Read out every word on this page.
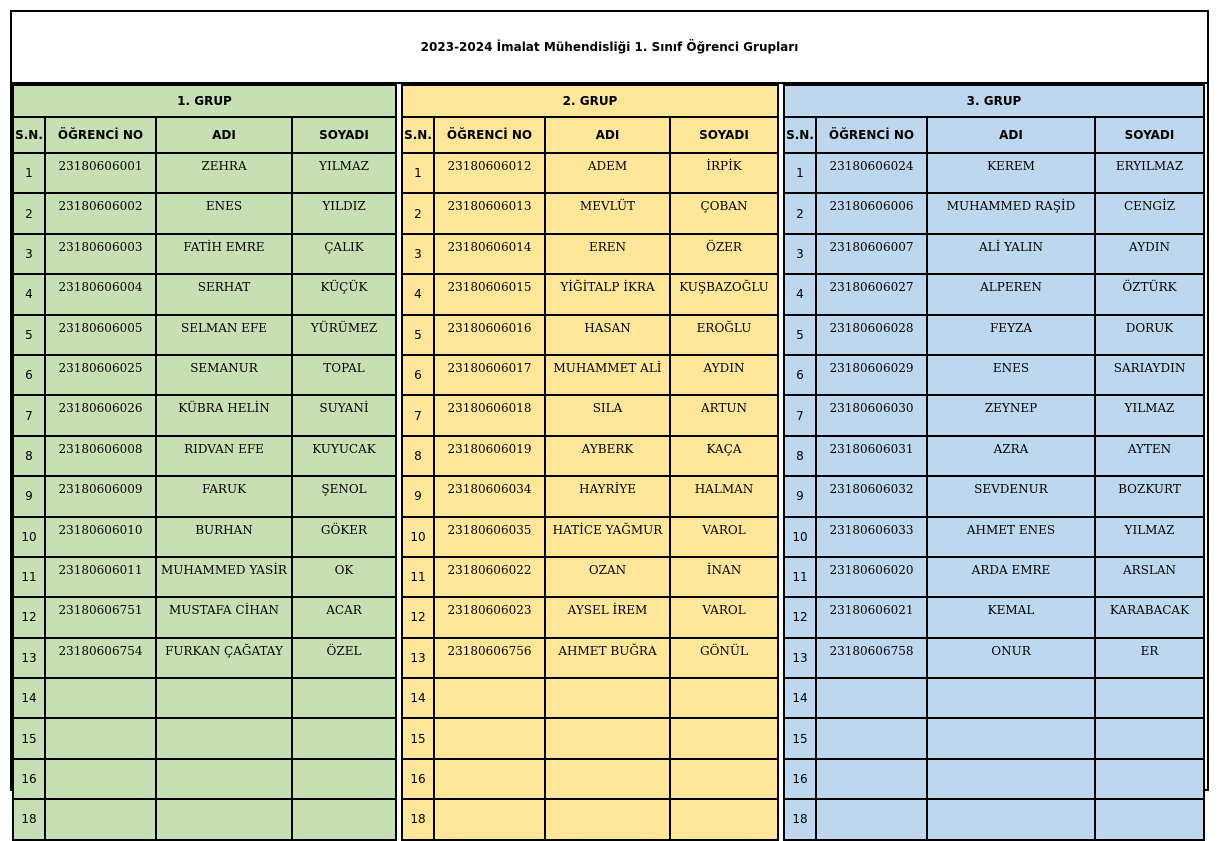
2023-2024 İmalat Mühendisliği 1. Sınıf Öğrenci Grupları
1. GRUP					2. GRUP					3. GRUP			
S.N.	ÖĞRENCİ NO	ADI	SOYADI		S.N.	ÖĞRENCİ NO	ADI	SOYADI		S.N.	ÖĞRENCİ NO	ADI	SOYADI
1	23180606001	ZEHRA	YILMAZ		1	23180606012	ADEM	İRPİK		1	23180606024	KEREM	ERYILMAZ
2	23180606002	ENES	YILDIZ		2	23180606013	MEVLÜT	ÇOBAN		2	23180606006	MUHAMMED RAŞİD	CENGİZ
3	23180606003	FATİH EMRE	ÇALIK		3	23180606014	EREN	ÖZER		3	23180606007	ALİ YALIN	AYDIN
4	23180606004	SERHAT	KÜÇÜK		4	23180606015	YİĞİTALP İKRA	KUŞBAZOĞLU		4	23180606027	ALPEREN	ÖZTÜRK
5	23180606005	SELMAN EFE	YÜRÜMEZ		5	23180606016	HASAN	EROĞLU		5	23180606028	FEYZA	DORUK
6	23180606025	SEMANUR	TOPAL		6	23180606017	MUHAMMET ALİ	AYDIN		6	23180606029	ENES	SARIAYDIN
7	23180606026	KÜBRA HELİN	SUYANİ		7	23180606018	SILA	ARTUN		7	23180606030	ZEYNEP	YILMAZ
8	23180606008	RIDVAN EFE	KUYUCAK		8	23180606019	AYBERK	KAÇA		8	23180606031	AZRA	AYTEN
9	23180606009	FARUK	ŞENOL		9	23180606034	HAYRİYE	HALMAN		9	23180606032	SEVDENUR	BOZKURT
10	23180606010	BURHAN	GÖKER		10	23180606035	HATİCE YAĞMUR	VAROL		10	23180606033	AHMET ENES	YILMAZ
11	23180606011	MUHAMMED YASİR	OK		11	23180606022	OZAN	İNAN		11	23180606020	ARDA EMRE	ARSLAN
12	23180606751	MUSTAFA CİHAN	ACAR		12	23180606023	AYSEL İREM	VAROL		12	23180606021	KEMAL	KARABACAK
13	23180606754	FURKAN ÇAĞATAY	ÖZEL		13	23180606756	AHMET BUĞRA	GÖNÜL		13	23180606758	ONUR	ER
14					14					14			
15					15					15			
16					16					16			
18					18					18			
